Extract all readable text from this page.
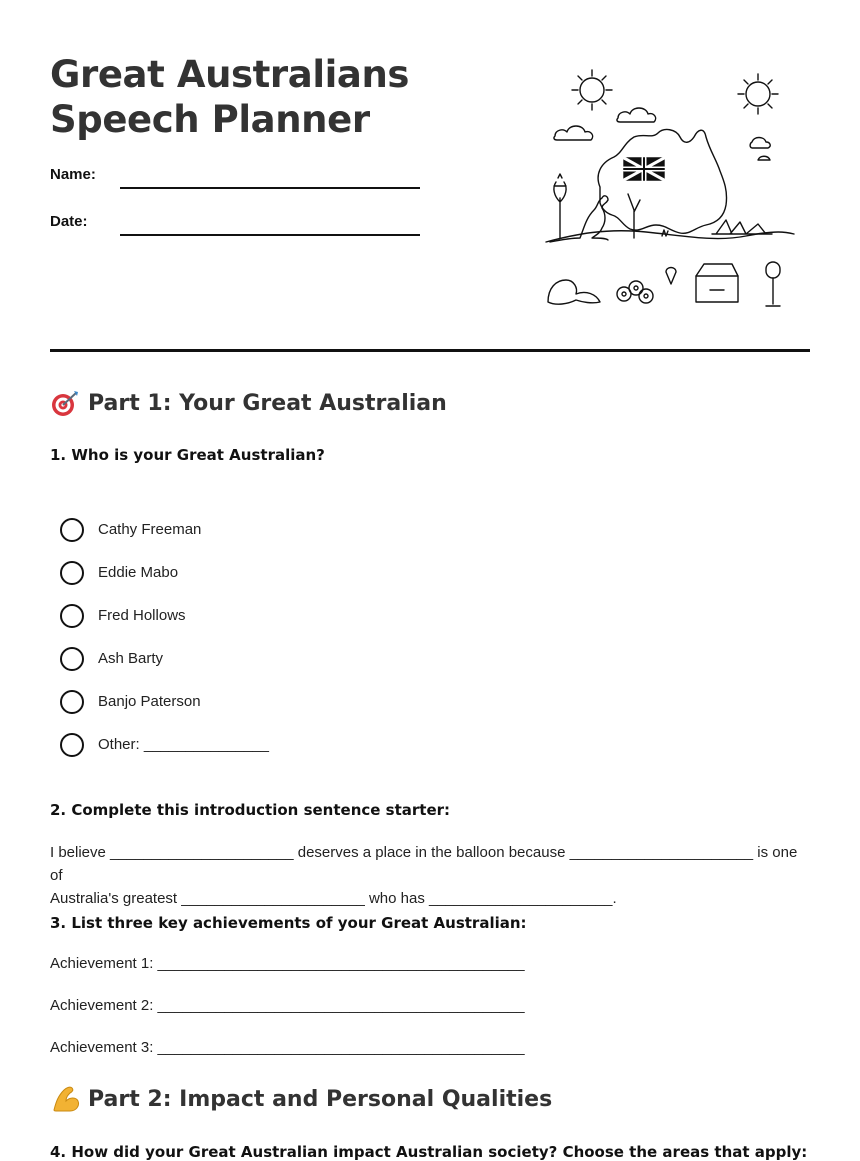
Great Australians
Speech Planner
Name:
Date:
Part 1: Your Great Australian
1. Who is your Great Australian?
Cathy Freeman
Eddie Mabo
Fred Hollows
Ash Barty
Banjo Paterson
Other: _______________
2. Complete this introduction sentence starter:
I believe ______________________ deserves a place in the balloon because ______________________ is one of
Australia's greatest ______________________ who has ______________________.
3. List three key achievements of your Great Australian:
Achievement 1: ____________________________________________
Achievement 2: ____________________________________________
Achievement 3: ____________________________________________
Part 2: Impact and Personal Qualities
4. How did your Great Australian impact Australian society? Choose the areas that apply:
